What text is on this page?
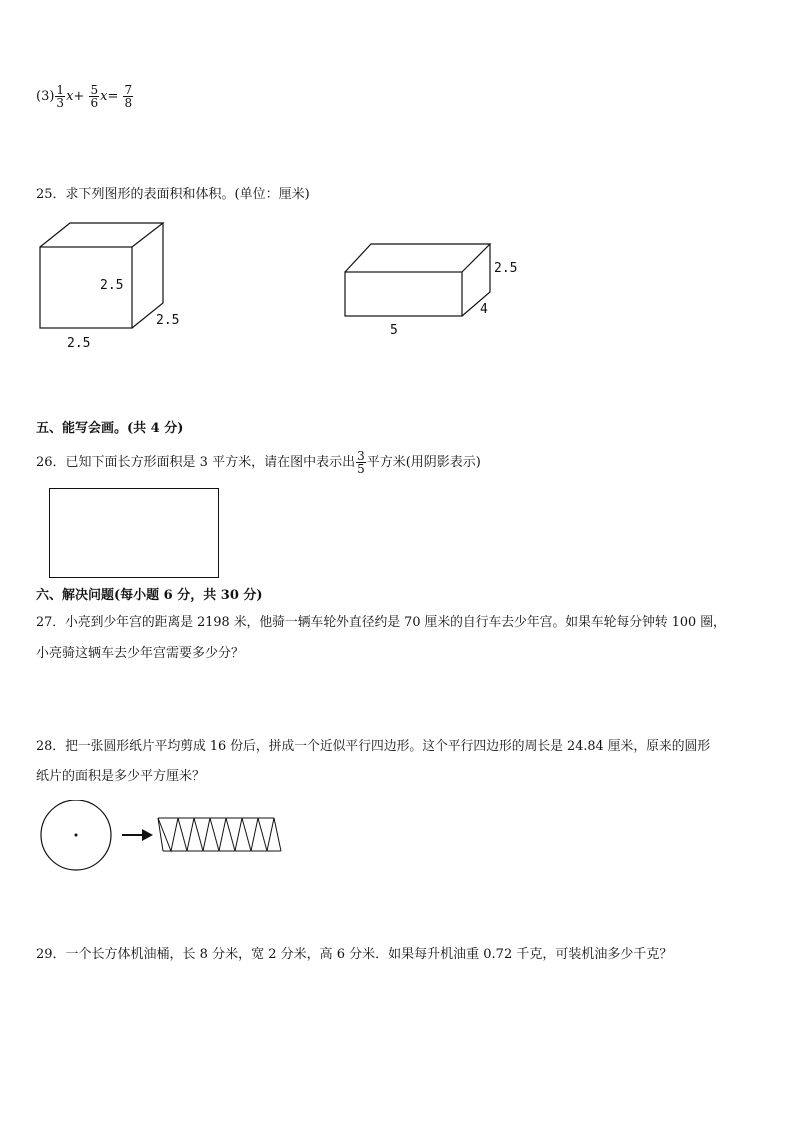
$(3) \frac{1}{3} x+ \frac{5}{6} x= \frac{7}{8}$
25．求下列图形的表面积和体积。(单位：厘米)
2.5
2.5
2.5
2.5
4
5
五、能写会画。(共 4 分)
26．已知下面长方形面积是 3 平方米，请在图中表示出 $\frac{3}{5}$ 平方米(用阴影表示)
六、解决问题(每小题 6 分，共 30 分)
27．小亮到少年宫的距离是 2198 米，他骑一辆车轮外直径约是 70 厘米的自行车去少年宫。如果车轮每分钟转 100 圈，
小亮骑这辆车去少年宫需要多少分？
28．把一张圆形纸片平均剪成 16 份后，拼成一个近似平行四边形。这个平行四边形的周长是 24.84 厘米，原来的圆形
纸片的面积是多少平方厘米？
29．一个长方体机油桶，长 8 分米，宽 2 分米，高 6 分米．如果每升机油重 0.72 千克，可装机油多少千克？
